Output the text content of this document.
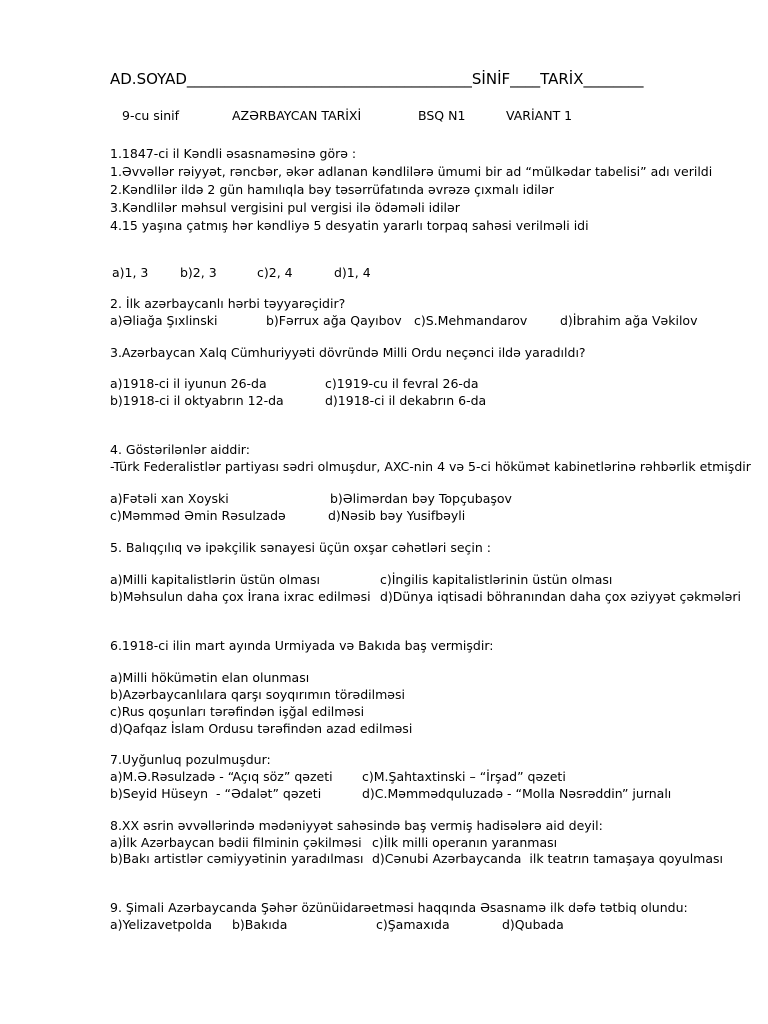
AD.SOYAD______________________________________SİNİF____TARİX________
9-cu sinif	AZƏRBAYCAN TARİXİ	BSQ N1	VARİANT 1
1.1847-ci il Kəndli əsasnaməsinə görə :
1.Əvvəllər rəiyyət, rəncbər, əkər adlanan kəndlilərə ümumi bir ad “mülkədar tabelisi” adı verildi
2.Kəndlilər ildə 2 gün hamılıqla bəy təsərrüfatında əvrəzə çıxmalı idilər
3.Kəndlilər məhsul vergisini pul vergisi ilə ödəməli idilər
4.15 yaşına çatmış hər kəndliyə 5 desyatin yararlı torpaq sahəsi verilməli idi
a)1, 3	b)2, 3	c)2, 4	d)1, 4
2. İlk azərbaycanlı hərbi təyyarəçidir?
a)Əliağa Şıxlinski	b)Fərrux ağa Qayıbov c)S.Mehmandarov	d)İbrahim ağa Vəkilov
3.Azərbaycan Xalq Cümhuriyyəti dövründə Milli Ordu neçənci ildə yaradıldı?
a)1918-ci il iyunun 26-da	c)1919-cu il fevral 26-da
b)1918-ci il oktyabrın 12-da	d)1918-ci il dekabrın 6-da
4. Göstərilənlər aiddir:
-Türk Federalistlər partiyası sədri olmuşdur, AXC-nin 4 və 5-ci hökümət kabinetlərinə rəhbərlik etmişdir
a)Fətəli xan Xoyski	b)Əlimərdan bəy Topçubaşov
c)Məmməd Əmin Rəsulzadə	d)Nəsib bəy Yusifbəyli
5. Balıqçılıq və ipəkçilik sənayesi üçün oxşar cəhətləri seçin :
a)Milli kapitalistlərin üstün olması	c)İngilis kapitalistlərinin üstün olması
b)Məhsulun daha çox İrana ixrac edilməsi d)Dünya iqtisadi böhranından daha çox əziyyət çəkmələri
6.1918-ci ilin mart ayında Urmiyada və Bakıda baş vermişdir:
a)Milli hökümətin elan olunması
b)Azərbaycanlılara qarşı soyqırımın törədilməsi
c)Rus qoşunları tərəfindən işğal edilməsi
d)Qafqaz İslam Ordusu tərəfindən azad edilməsi
7.Uyğunluq pozulmuşdur:
a)M.Ə.Rəsulzadə - “Açıq söz” qəzeti c)M.Şahtaxtinski – “İrşad” qəzeti
b)Seyid Hüseyn  - “Ədalət” qəzeti	d)C.Məmmədquluzadə - “Molla Nəsrəddin” jurnalı
8.XX əsrin əvvəllərində mədəniyyət sahəsində baş vermiş hadisələrə aid deyil:
a)İlk Azərbaycan bədii filminin çəkilməsi c)İlk milli operanın yaranması
b)Bakı artistlər cəmiyyətinin yaradılması d)Cənubi Azərbaycanda  ilk teatrın tamaşaya qoyulması
9. Şimali Azərbaycanda Şəhər özünüidarəetməsi haqqında Əsasnamə ilk dəfə tətbiq olundu:
a)Yelizavetpolda b)Bakıda	c)Şamaxıda	d)Qubada
